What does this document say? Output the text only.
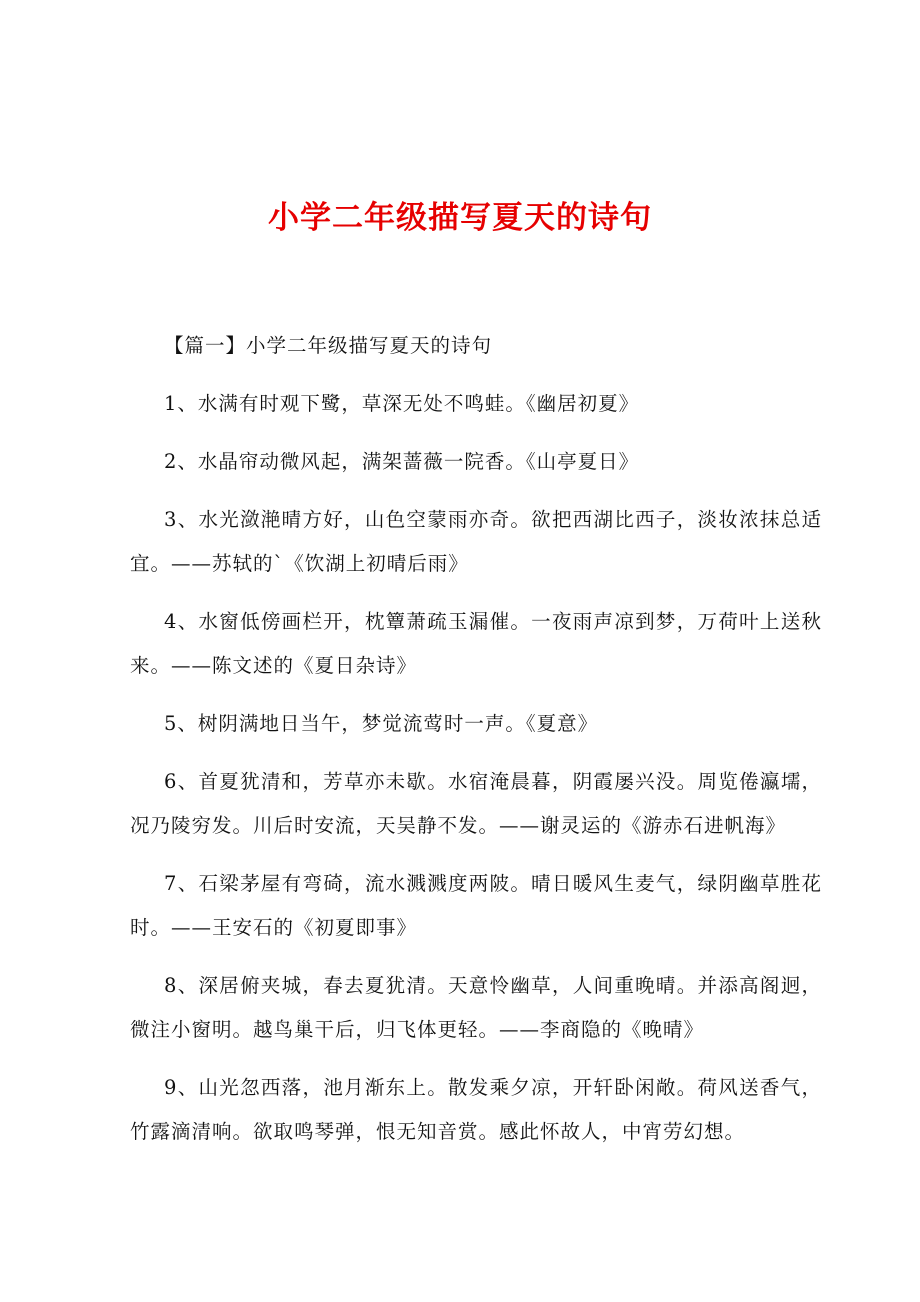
小学二年级描写夏天的诗句

【篇一】小学二年级描写夏天的诗句

1、水满有时观下鹭，草深无处不鸣蛙。《幽居初夏》

2、水晶帘动微风起，满架蔷薇一院香。《山亭夏日》

3、水光潋滟晴方好，山色空蒙雨亦奇。欲把西湖比西子，淡妆浓抹总适宜。——苏轼的`《饮湖上初晴后雨》

4、水窗低傍画栏开，枕簟萧疏玉漏催。一夜雨声凉到梦，万荷叶上送秋来。——陈文述的《夏日杂诗》

5、树阴满地日当午，梦觉流莺时一声。《夏意》

6、首夏犹清和，芳草亦未歇。水宿淹晨暮，阴霞屡兴没。周览倦瀛壖，况乃陵穷发。川后时安流，天吴静不发。——谢灵运的《游赤石进帆海》

7、石梁茅屋有弯碕，流水溅溅度两陂。晴日暖风生麦气，绿阴幽草胜花时。——王安石的《初夏即事》

8、深居俯夹城，春去夏犹清。天意怜幽草，人间重晚晴。并添高阁迥，微注小窗明。越鸟巢干后，归飞体更轻。——李商隐的《晚晴》

9、山光忽西落，池月渐东上。散发乘夕凉，开轩卧闲敞。荷风送香气，竹露滴清响。欲取鸣琴弹，恨无知音赏。感此怀故人，中宵劳幻想。
